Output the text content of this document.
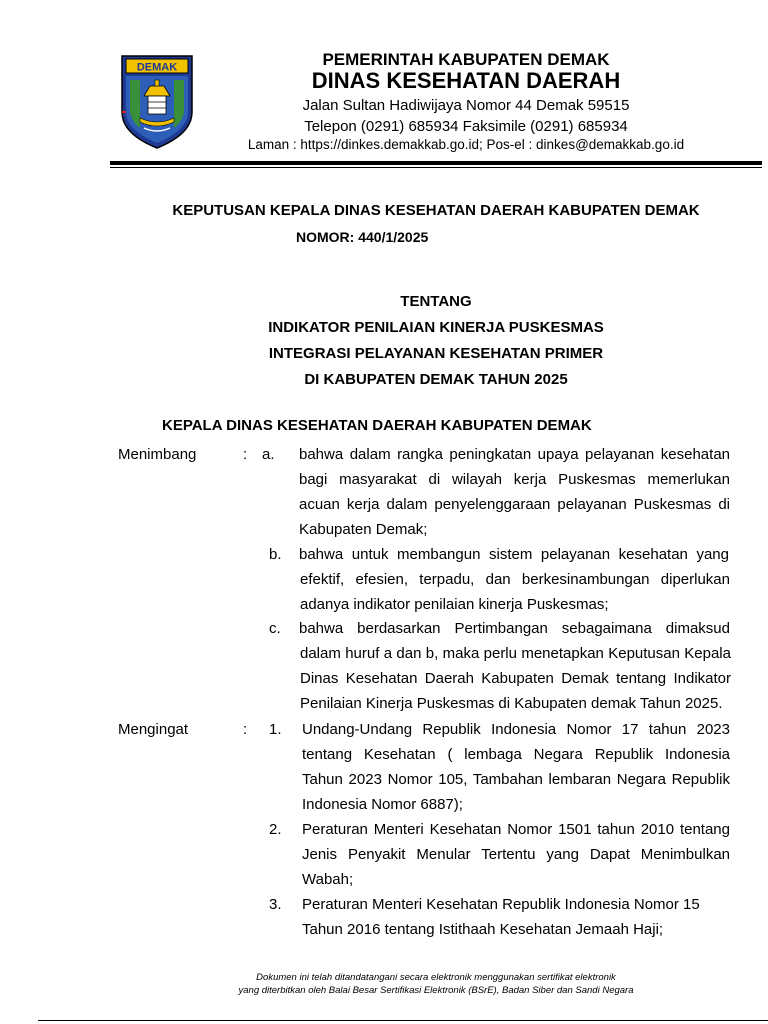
DEMAK	PEMERINTAH KABUPATEN DEMAK
DINAS KESEHATAN DAERAH
Jalan Sultan Hadiwijaya Nomor 44 Demak 59515
Telepon (0291) 685934 Faksimile (0291) 685934
Laman : https://dinkes.demakkab.go.id; Pos-el : dinkes@demakkab.go.id
KEPUTUSAN KEPALA DINAS KESEHATAN DAERAH KABUPATEN DEMAK
NOMOR: 440/1/2025
TENTANG
INDIKATOR PENILAIAN KINERJA PUSKESMAS
INTEGRASI PELAYANAN KESEHATAN PRIMER
DI KABUPATEN DEMAK TAHUN 2025
KEPALA DINAS KESEHATAN DAERAH KABUPATEN DEMAK
Menimbang	: a. bahwa dalam rangka peningkatan upaya pelayanan kesehatan
bagi masyarakat di wilayah kerja Puskesmas memerlukan
acuan kerja dalam penyelenggaraan pelayanan Puskesmas di
Kabupaten Demak;
b. bahwa untuk membangun sistem pelayanan kesehatan yang
efektif, efesien, terpadu, dan berkesinambungan diperlukan
adanya indikator penilaian kinerja Puskesmas;
c. bahwa berdasarkan Pertimbangan sebagaimana dimaksud
dalam huruf a dan b, maka perlu menetapkan Keputusan Kepala
Dinas Kesehatan Daerah Kabupaten Demak tentang Indikator
Penilaian Kinerja Puskesmas di Kabupaten demak Tahun 2025.
Mengingat	: 1. Undang-Undang Republik Indonesia Nomor 17 tahun 2023
tentang Kesehatan ( lembaga Negara Republik Indonesia
Tahun 2023 Nomor 105, Tambahan lembaran Negara Republik
Indonesia Nomor 6887);
2. Peraturan Menteri Kesehatan Nomor 1501 tahun 2010 tentang
Jenis Penyakit Menular Tertentu yang Dapat Menimbulkan
Wabah;
3. Peraturan Menteri Kesehatan Republik Indonesia Nomor 15
Tahun 2016 tentang Istithaah Kesehatan Jemaah Haji;
Dokumen ini telah ditandatangani secara elektronik menggunakan sertifikat elektronik
yang diterbitkan oleh Balai Besar Sertifikasi Elektronik (BSrE), Badan Siber dan Sandi Negara
